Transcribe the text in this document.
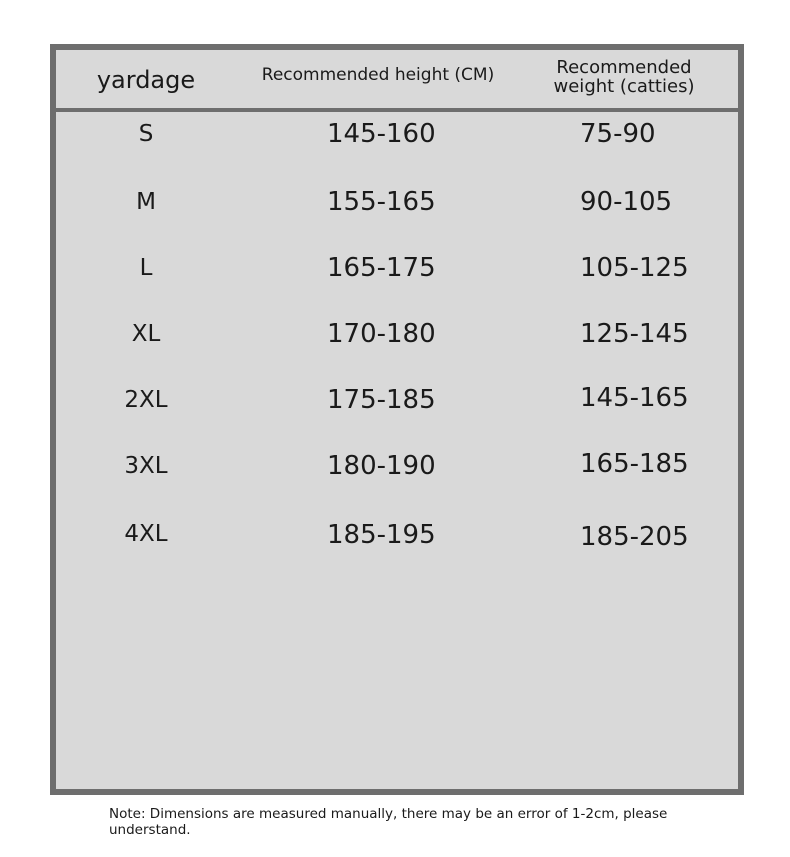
yardage	Recommended height (CM)	Recommended
weight (catties)
S	145-160	75-90
M	155-165	90-105
L	165-175	105-125
XL	170-180	125-145
2XL	175-185	145-165
3XL	180-190	165-185
4XL	185-195	185-205
Note: Dimensions are measured manually, there may be an error of 1-2cm, please understand.
